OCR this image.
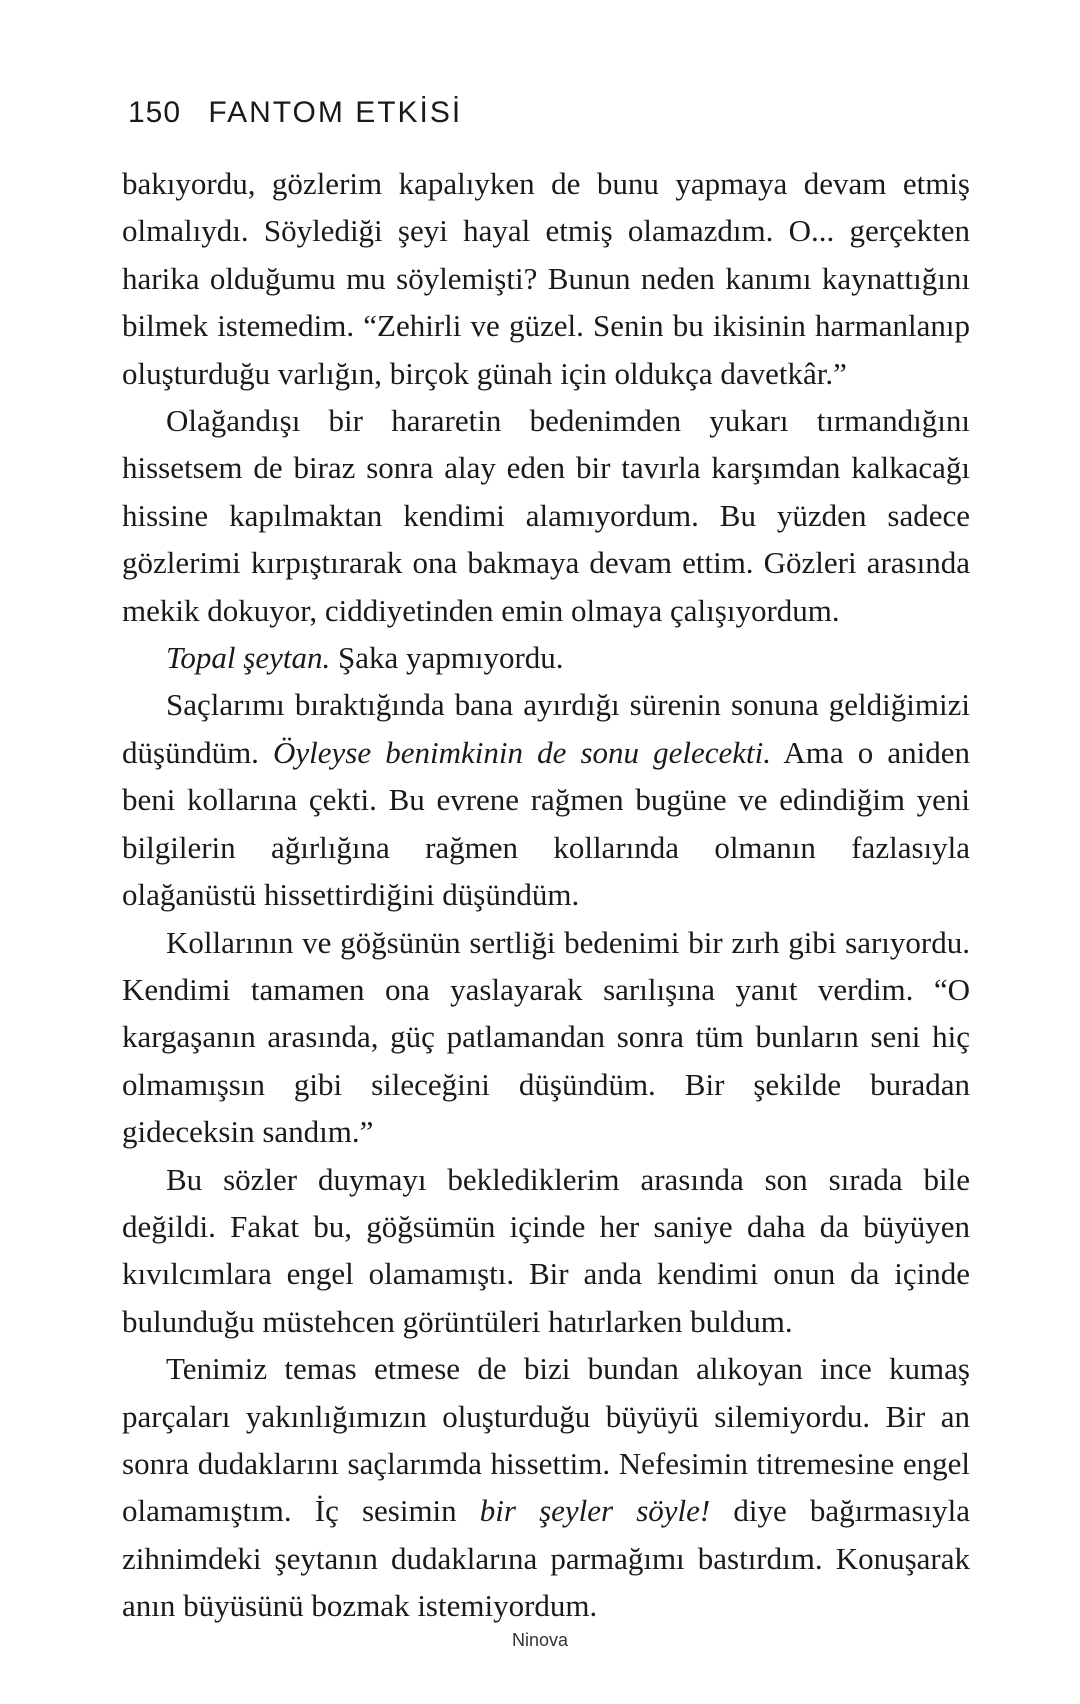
150 FANTOM ETKİSİ

bakıyordu, gözlerim kapalıyken de bunu yapmaya devam etmiş olmalıydı. Söylediği şeyi hayal etmiş olamazdım. O... gerçekten harika olduğumu mu söylemişti? Bunun neden kanımı kaynattığını bilmek istemedim. “Zehirli ve güzel. Senin bu ikisinin harmanlanıp oluşturduğu varlığın, birçok günah için oldukça davetkâr.”

Olağandışı bir hararetin bedenimden yukarı tırmandığını hissetsem de biraz sonra alay eden bir tavırla karşımdan kalkacağı hissine kapılmaktan kendimi alamıyordum. Bu yüzden sadece gözlerimi kırpıştırarak ona bakmaya devam ettim. Gözleri arasında mekik dokuyor, ciddiyetinden emin olmaya çalışıyordum.

Topal şeytan. Şaka yapmıyordu.

Saçlarımı bıraktığında bana ayırdığı sürenin sonuna geldiğimizi düşündüm. Öyleyse benimkinin de sonu gelecekti. Ama o aniden beni kollarına çekti. Bu evrene rağmen bugüne ve edindiğim yeni bilgilerin ağırlığına rağmen kollarında olmanın fazlasıyla olağanüstü hissettirdiğini düşündüm.

Kollarının ve göğsünün sertliği bedenimi bir zırh gibi sarıyordu. Kendimi tamamen ona yaslayarak sarılışına yanıt verdim. “O kargaşanın arasında, güç patlamandan sonra tüm bunların seni hiç olmamışsın gibi sileceğini düşündüm. Bir şekilde buradan gideceksin sandım.”

Bu sözler duymayı beklediklerim arasında son sırada bile değildi. Fakat bu, göğsümün içinde her saniye daha da büyüyen kıvılcımlara engel olamamıştı. Bir anda kendimi onun da içinde bulunduğu müstehcen görüntüleri hatırlarken buldum.

Tenimiz temas etmese de bizi bundan alıkoyan ince kumaş parçaları yakınlığımızın oluşturduğu büyüyü silemiyordu. Bir an sonra dudaklarını saçlarımda hissettim. Nefesimin titremesine engel olamamıştım. İç sesimin bir şeyler söyle! diye bağırmasıyla zihnimdeki şeytanın dudaklarına parmağımı bastırdım. Konuşarak anın büyüsünü bozmak istemiyordum.

Ninova
